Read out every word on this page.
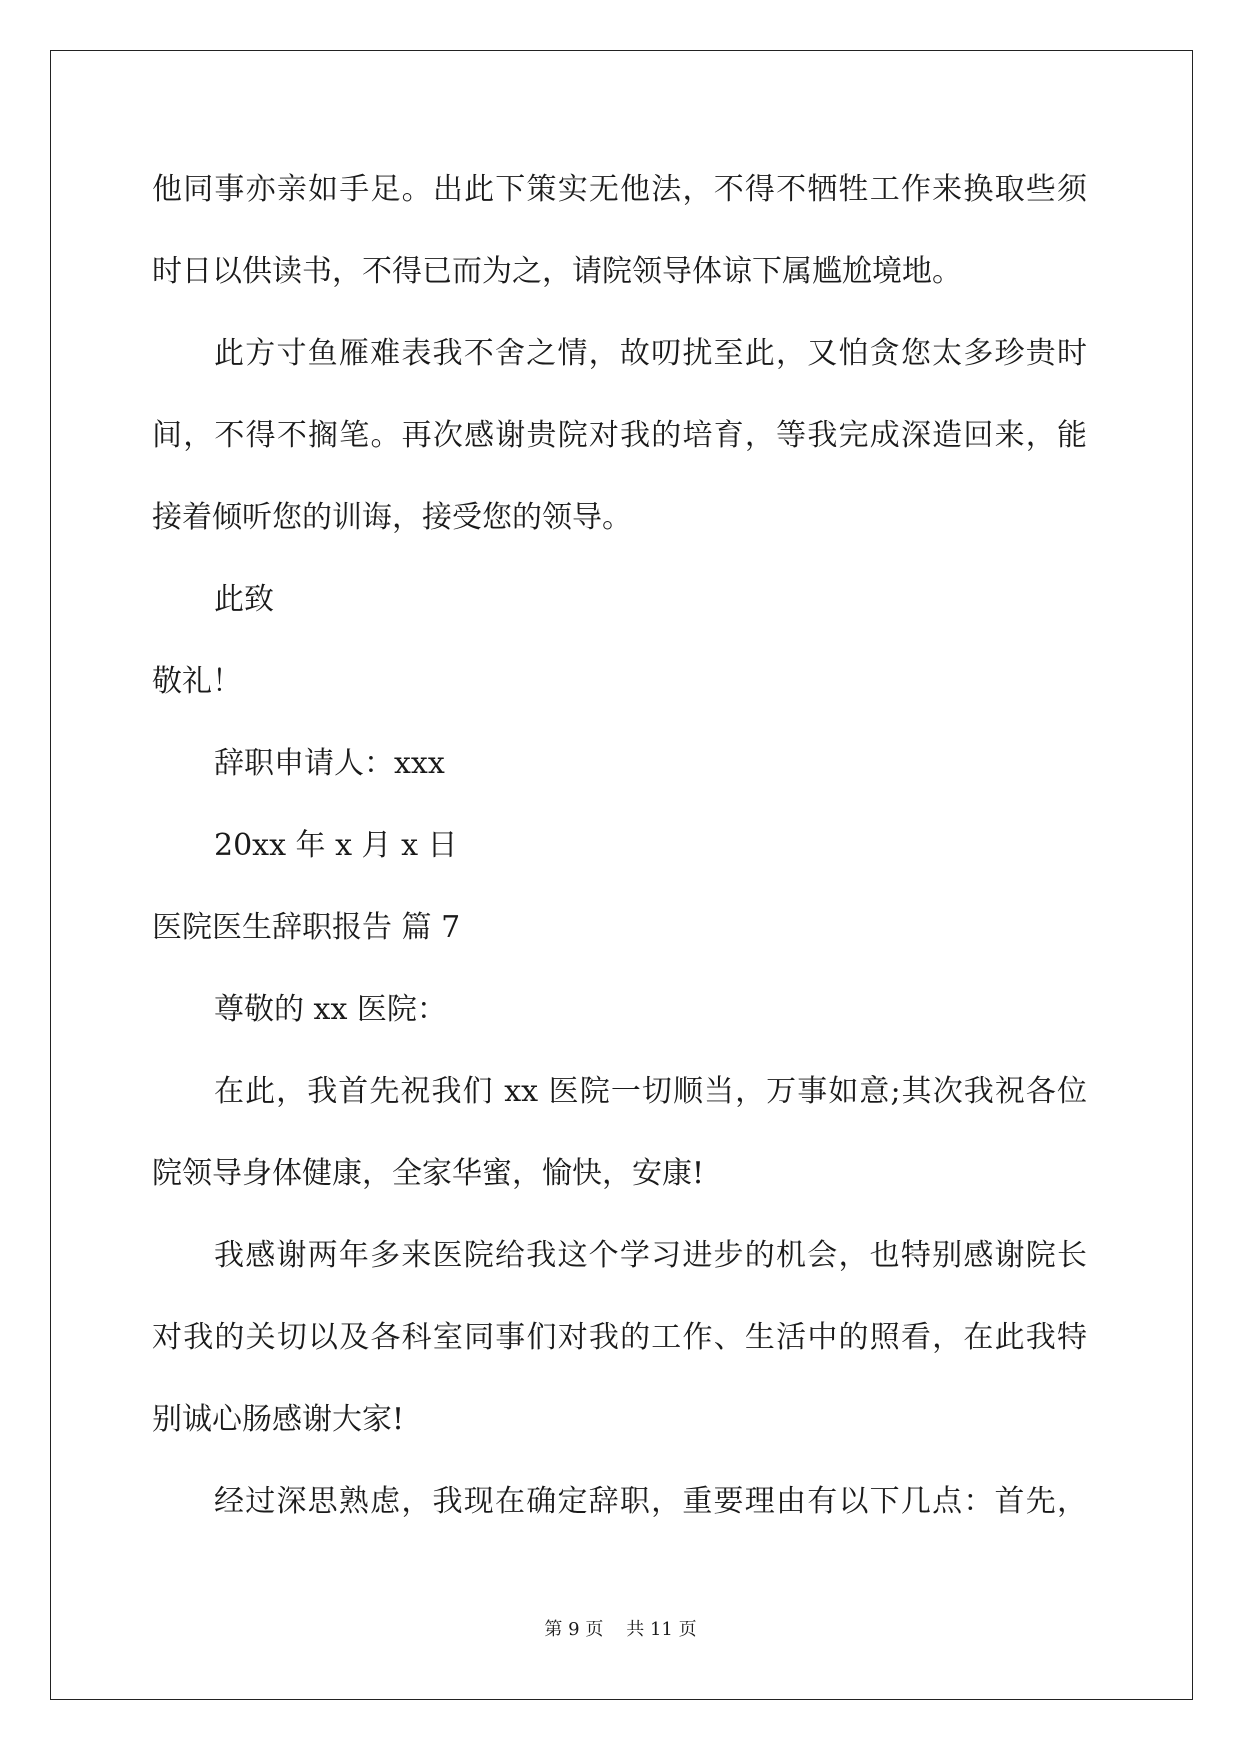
他同事亦亲如手足。出此下策实无他法，不得不牺牲工作来换取些须
时日以供读书，不得已而为之，请院领导体谅下属尴尬境地。
此方寸鱼雁难表我不舍之情，故叨扰至此，又怕贪您太多珍贵时
间，不得不搁笔。再次感谢贵院对我的培育，等我完成深造回来，能
接着倾听您的训诲，接受您的领导。
此致
敬礼！
辞职申请人：xxx
20xx 年 x 月 x 日
医院医生辞职报告 篇 7
尊敬的 xx 医院：
在此，我首先祝我们 xx 医院一切顺当，万事如意;其次我祝各位
院领导身体健康，全家华蜜，愉快，安康!
我感谢两年多来医院给我这个学习进步的机会，也特别感谢院长
对我的关切以及各科室同事们对我的工作、生活中的照看，在此我特
别诚心肠感谢大家!
经过深思熟虑，我现在确定辞职，重要理由有以下几点：首先，
第 9 页 共 11 页
